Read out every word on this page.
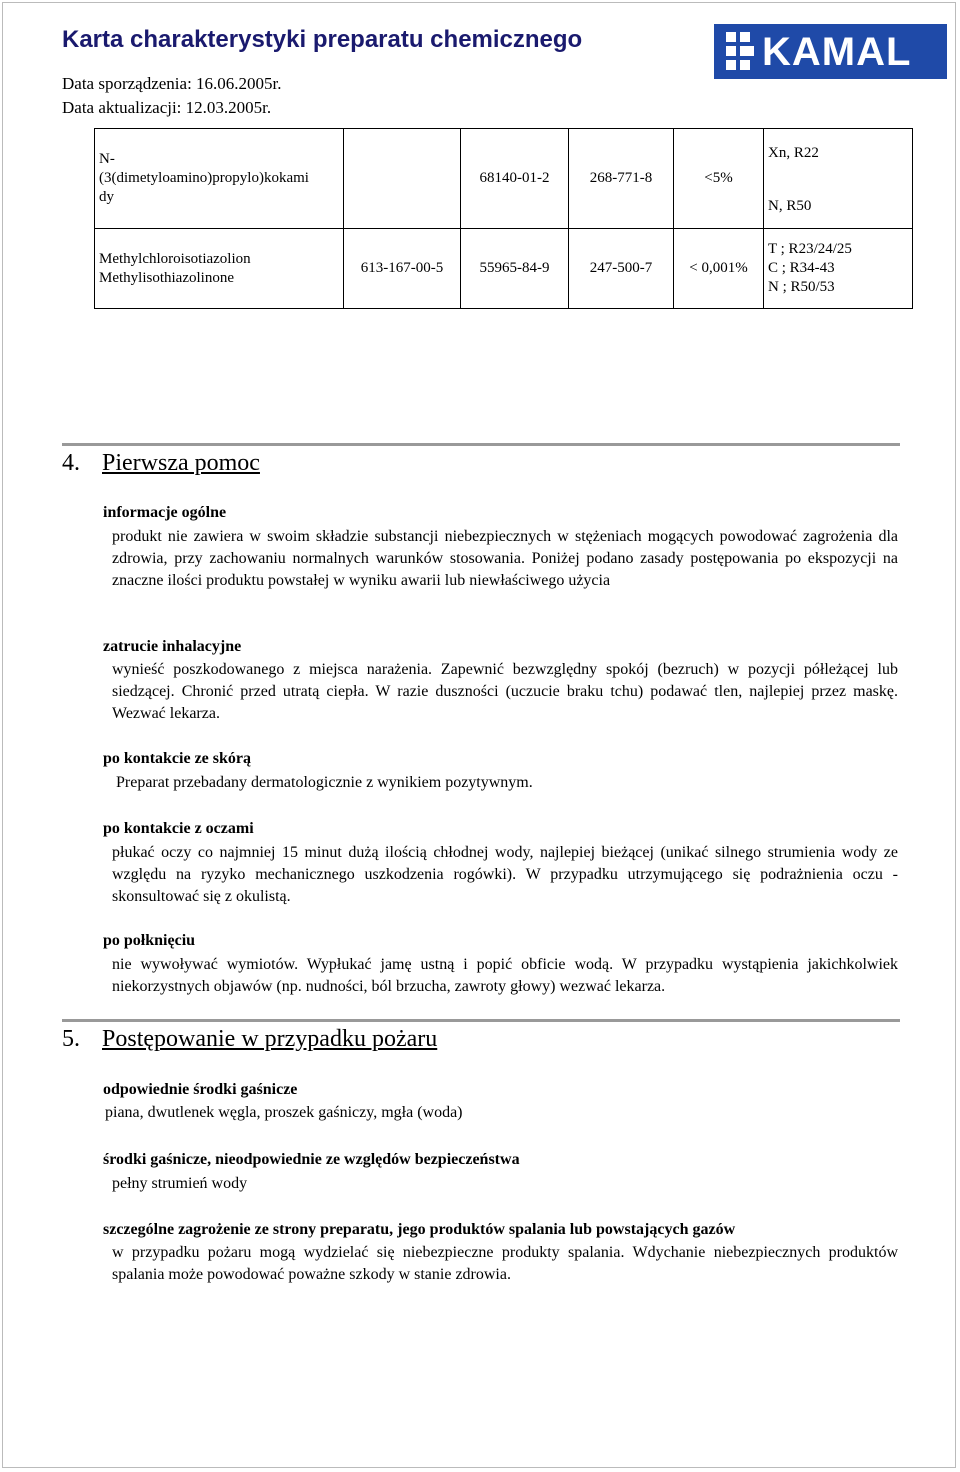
Karta charakterystyki preparatu chemicznego
Data sporządzenia: 16.06.2005r.
Data aktualizacji: 12.03.2005r.
KAMAL
N-
(3(dimetyloamino)propylo)kokami
dy		68140-01-2	268-771-8	<5%	Xn, R22
N, R50

Methylchloroisotiazolion
Methylisothiazolinone	613-167-00-5	55965-84-9	247-500-7	< 0,001%	T ; R23/24/25
C ; R34-43
N ; R50/53
4. Pierwsza pomoc
informacje ogólne
produkt nie zawiera w swoim składzie substancji niebezpiecznych w stężeniach mogących powodować zagrożenia dla zdrowia, przy zachowaniu normalnych warunków stosowania. Poniżej podano zasady postępowania po ekspozycji na znaczne ilości produktu powstałej w wyniku awarii lub niewłaściwego użycia
zatrucie inhalacyjne
wynieść poszkodowanego z miejsca narażenia. Zapewnić bezwzględny spokój (bezruch) w pozycji półleżącej lub siedzącej. Chronić przed utratą ciepła. W razie duszności (uczucie braku tchu) podawać tlen, najlepiej przez maskę. Wezwać lekarza.
po kontakcie ze skórą
Preparat przebadany dermatologicznie z wynikiem pozytywnym.
po kontakcie z oczami
płukać oczy co najmniej 15 minut dużą ilością chłodnej wody, najlepiej bieżącej (unikać silnego strumienia wody ze względu na ryzyko mechanicznego uszkodzenia rogówki). W przypadku utrzymującego się podrażnienia oczu - skonsultować się z okulistą.
po połknięciu
nie wywoływać wymiotów. Wypłukać jamę ustną i popić obficie wodą. W przypadku wystąpienia jakichkolwiek niekorzystnych objawów (np. nudności, ból brzucha, zawroty głowy) wezwać lekarza.
5. Postępowanie w przypadku pożaru
odpowiednie środki gaśnicze
piana, dwutlenek węgla, proszek gaśniczy, mgła (woda)
środki gaśnicze, nieodpowiednie ze względów bezpieczeństwa
pełny strumień wody
szczególne zagrożenie ze strony preparatu, jego produktów spalania lub powstających gazów
w przypadku pożaru mogą wydzielać się niebezpieczne produkty spalania. Wdychanie niebezpiecznych produktów spalania może powodować poważne szkody w stanie zdrowia.
